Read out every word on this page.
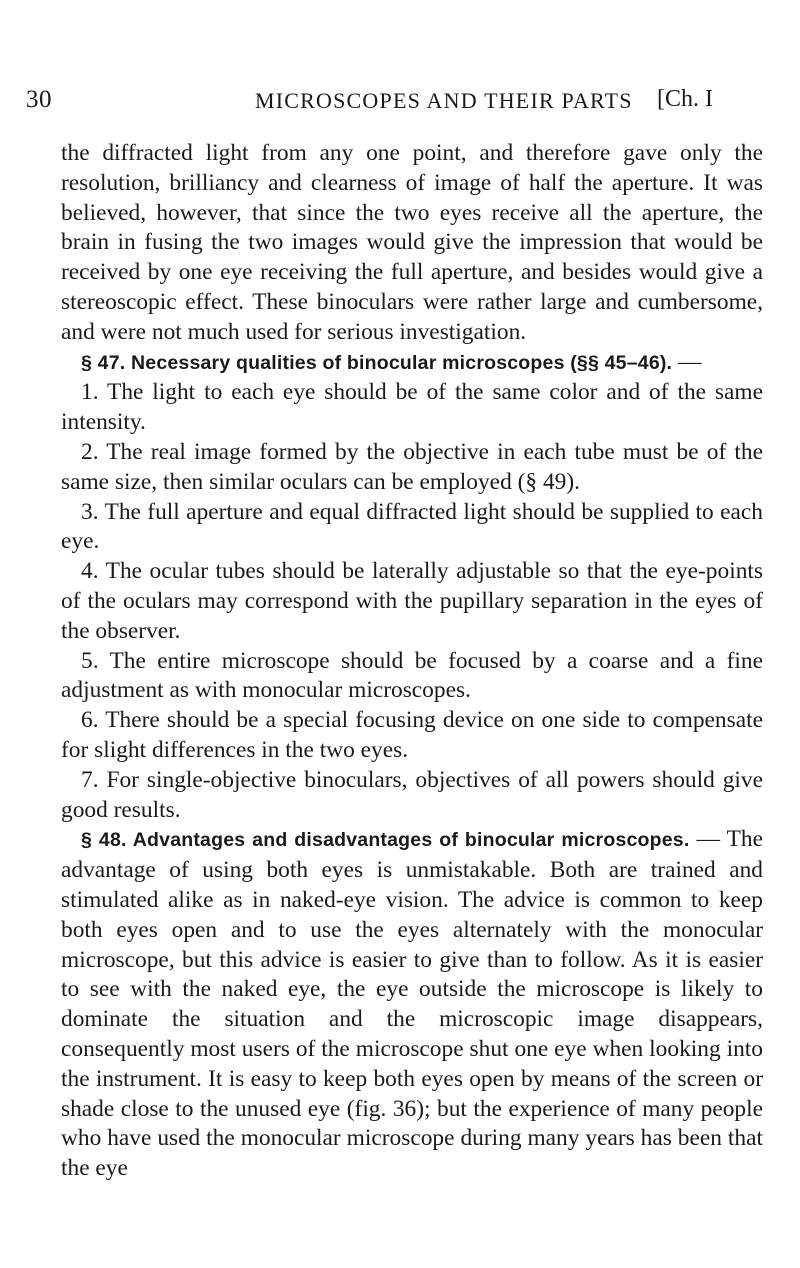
30	MICROSCOPES AND THEIR PARTS [Ch. I

the diffracted light from any one point, and therefore gave only the resolution, brilliancy and clearness of image of half the aperture. It was believed, however, that since the two eyes receive all the aperture, the brain in fusing the two images would give the impression that would be received by one eye receiving the full aperture, and besides would give a stereoscopic effect. These binoculars were rather large and cumbersome, and were not much used for serious investigation.

§ 47. Necessary qualities of binocular microscopes (§§ 45–46). —

1. The light to each eye should be of the same color and of the same intensity.

2. The real image formed by the objective in each tube must be of the same size, then similar oculars can be employed (§ 49).

3. The full aperture and equal diffracted light should be supplied to each eye.

4. The ocular tubes should be laterally adjustable so that the eye-points of the oculars may correspond with the pupillary separation in the eyes of the observer.

5. The entire microscope should be focused by a coarse and a fine adjustment as with monocular microscopes.

6. There should be a special focusing device on one side to compensate for slight differences in the two eyes.

7. For single-objective binoculars, objectives of all powers should give good results.

§ 48. Advantages and disadvantages of binocular microscopes. — The advantage of using both eyes is unmistakable. Both are trained and stimulated alike as in naked-eye vision. The advice is common to keep both eyes open and to use the eyes alternately with the monocular microscope, but this advice is easier to give than to follow. As it is easier to see with the naked eye, the eye outside the microscope is likely to dominate the situation and the microscopic image disappears, consequently most users of the microscope shut one eye when looking into the instrument. It is easy to keep both eyes open by means of the screen or shade close to the unused eye (fig. 36); but the experience of many people who have used the monocular microscope during many years has been that the eye
